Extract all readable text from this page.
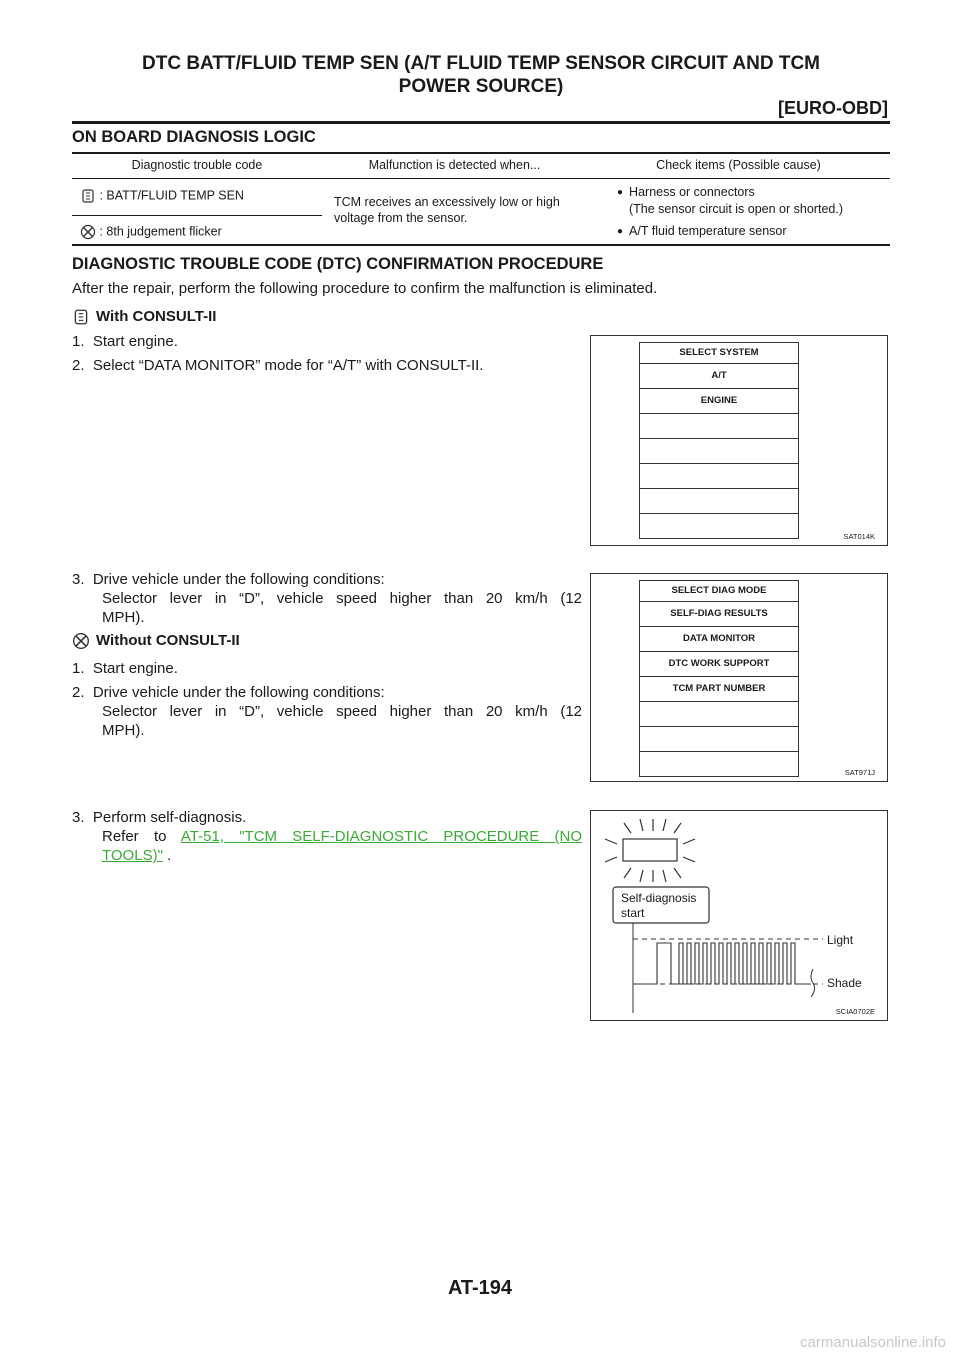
DTC BATT/FLUID TEMP SEN (A/T FLUID TEMP SENSOR CIRCUIT AND TCM
POWER SOURCE)
[EURO-OBD]
ON BOARD DIAGNOSIS LOGIC
Diagnostic trouble code	Malfunction is detected when...	Check items (Possible cause)
: BATT/FLUID TEMP SEN
: 8th judgement flicker
TCM receives an excessively low or high voltage from the sensor.
● Harness or connectors
(The sensor circuit is open or shorted.)
● A/T fluid temperature sensor
DIAGNOSTIC TROUBLE CODE (DTC) CONFIRMATION PROCEDURE
After the repair, perform the following procedure to confirm the malfunction is eliminated.
With CONSULT-II
1.  Start engine.
2.  Select “DATA MONITOR” mode for “A/T” with CONSULT-II.
3.  Drive vehicle under the following conditions:
Selector lever in “D”, vehicle speed higher than 20 km/h (12
MPH).
Without CONSULT-II
1.  Start engine.
2.  Drive vehicle under the following conditions:
Selector lever in “D”, vehicle speed higher than 20 km/h (12
MPH).
3.  Perform self-diagnosis.
Refer to AT-51, "TCM SELF-DIAGNOSTIC PROCEDURE (NO
TOOLS)" .
SELECT SYSTEM
A/T
ENGINE
SAT014K
SELECT DIAG MODE
SELF-DIAG RESULTS
DATA MONITOR
DTC WORK SUPPORT
TCM PART NUMBER
SAT971J
Self-diagnosis
start
Light
Shade
SCIA0702E
AT-194
carmanualsonline.info
